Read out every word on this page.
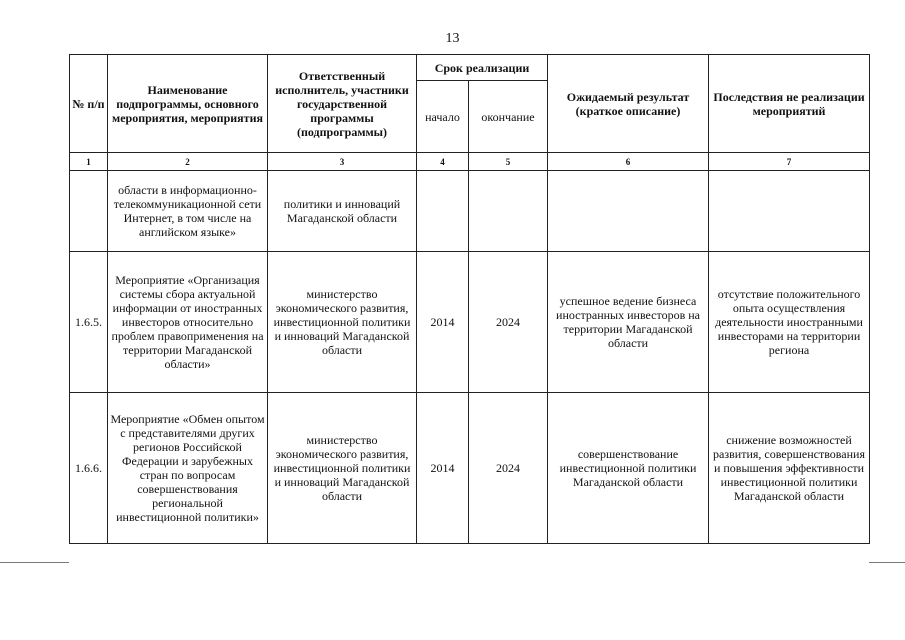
13
№ п/п	Наименование подпрограммы, основного мероприятия, мероприятия	Ответственный исполнитель, участники государственной программы (подпрограммы)	Срок реализации		Ожидаемый результат (краткое описание)	Последствия не реализации мероприятий
			начало	окончание		
1	2	3	4	5	6	7
	области в информационно-телекоммуникационной сети Интернет, в том числе на английском языке»	политики и инноваций Магаданской области				
1.6.5.	Мероприятие «Организация системы сбора актуальной информации от иностранных инвесторов относительно проблем правоприменения на территории Магаданской области»	министерство экономического развития, инвестиционной политики и инноваций Магаданской области	2014	2024	успешное ведение бизнеса иностранных инвесторов на территории Магаданской области	отсутствие положительного опыта осуществления деятельности иностранными инвесторами на территории региона
1.6.6.	Мероприятие «Обмен опытом с представителями других регионов Российской Федерации и зарубежных стран по вопросам совершенствования региональной инвестиционной политики»	министерство экономического развития, инвестиционной политики и инноваций Магаданской области	2014	2024	совершенствование инвестиционной политики Магаданской области	снижение возможностей развития, совершенствования и повышения эффективности инвестиционной политики Магаданской области
